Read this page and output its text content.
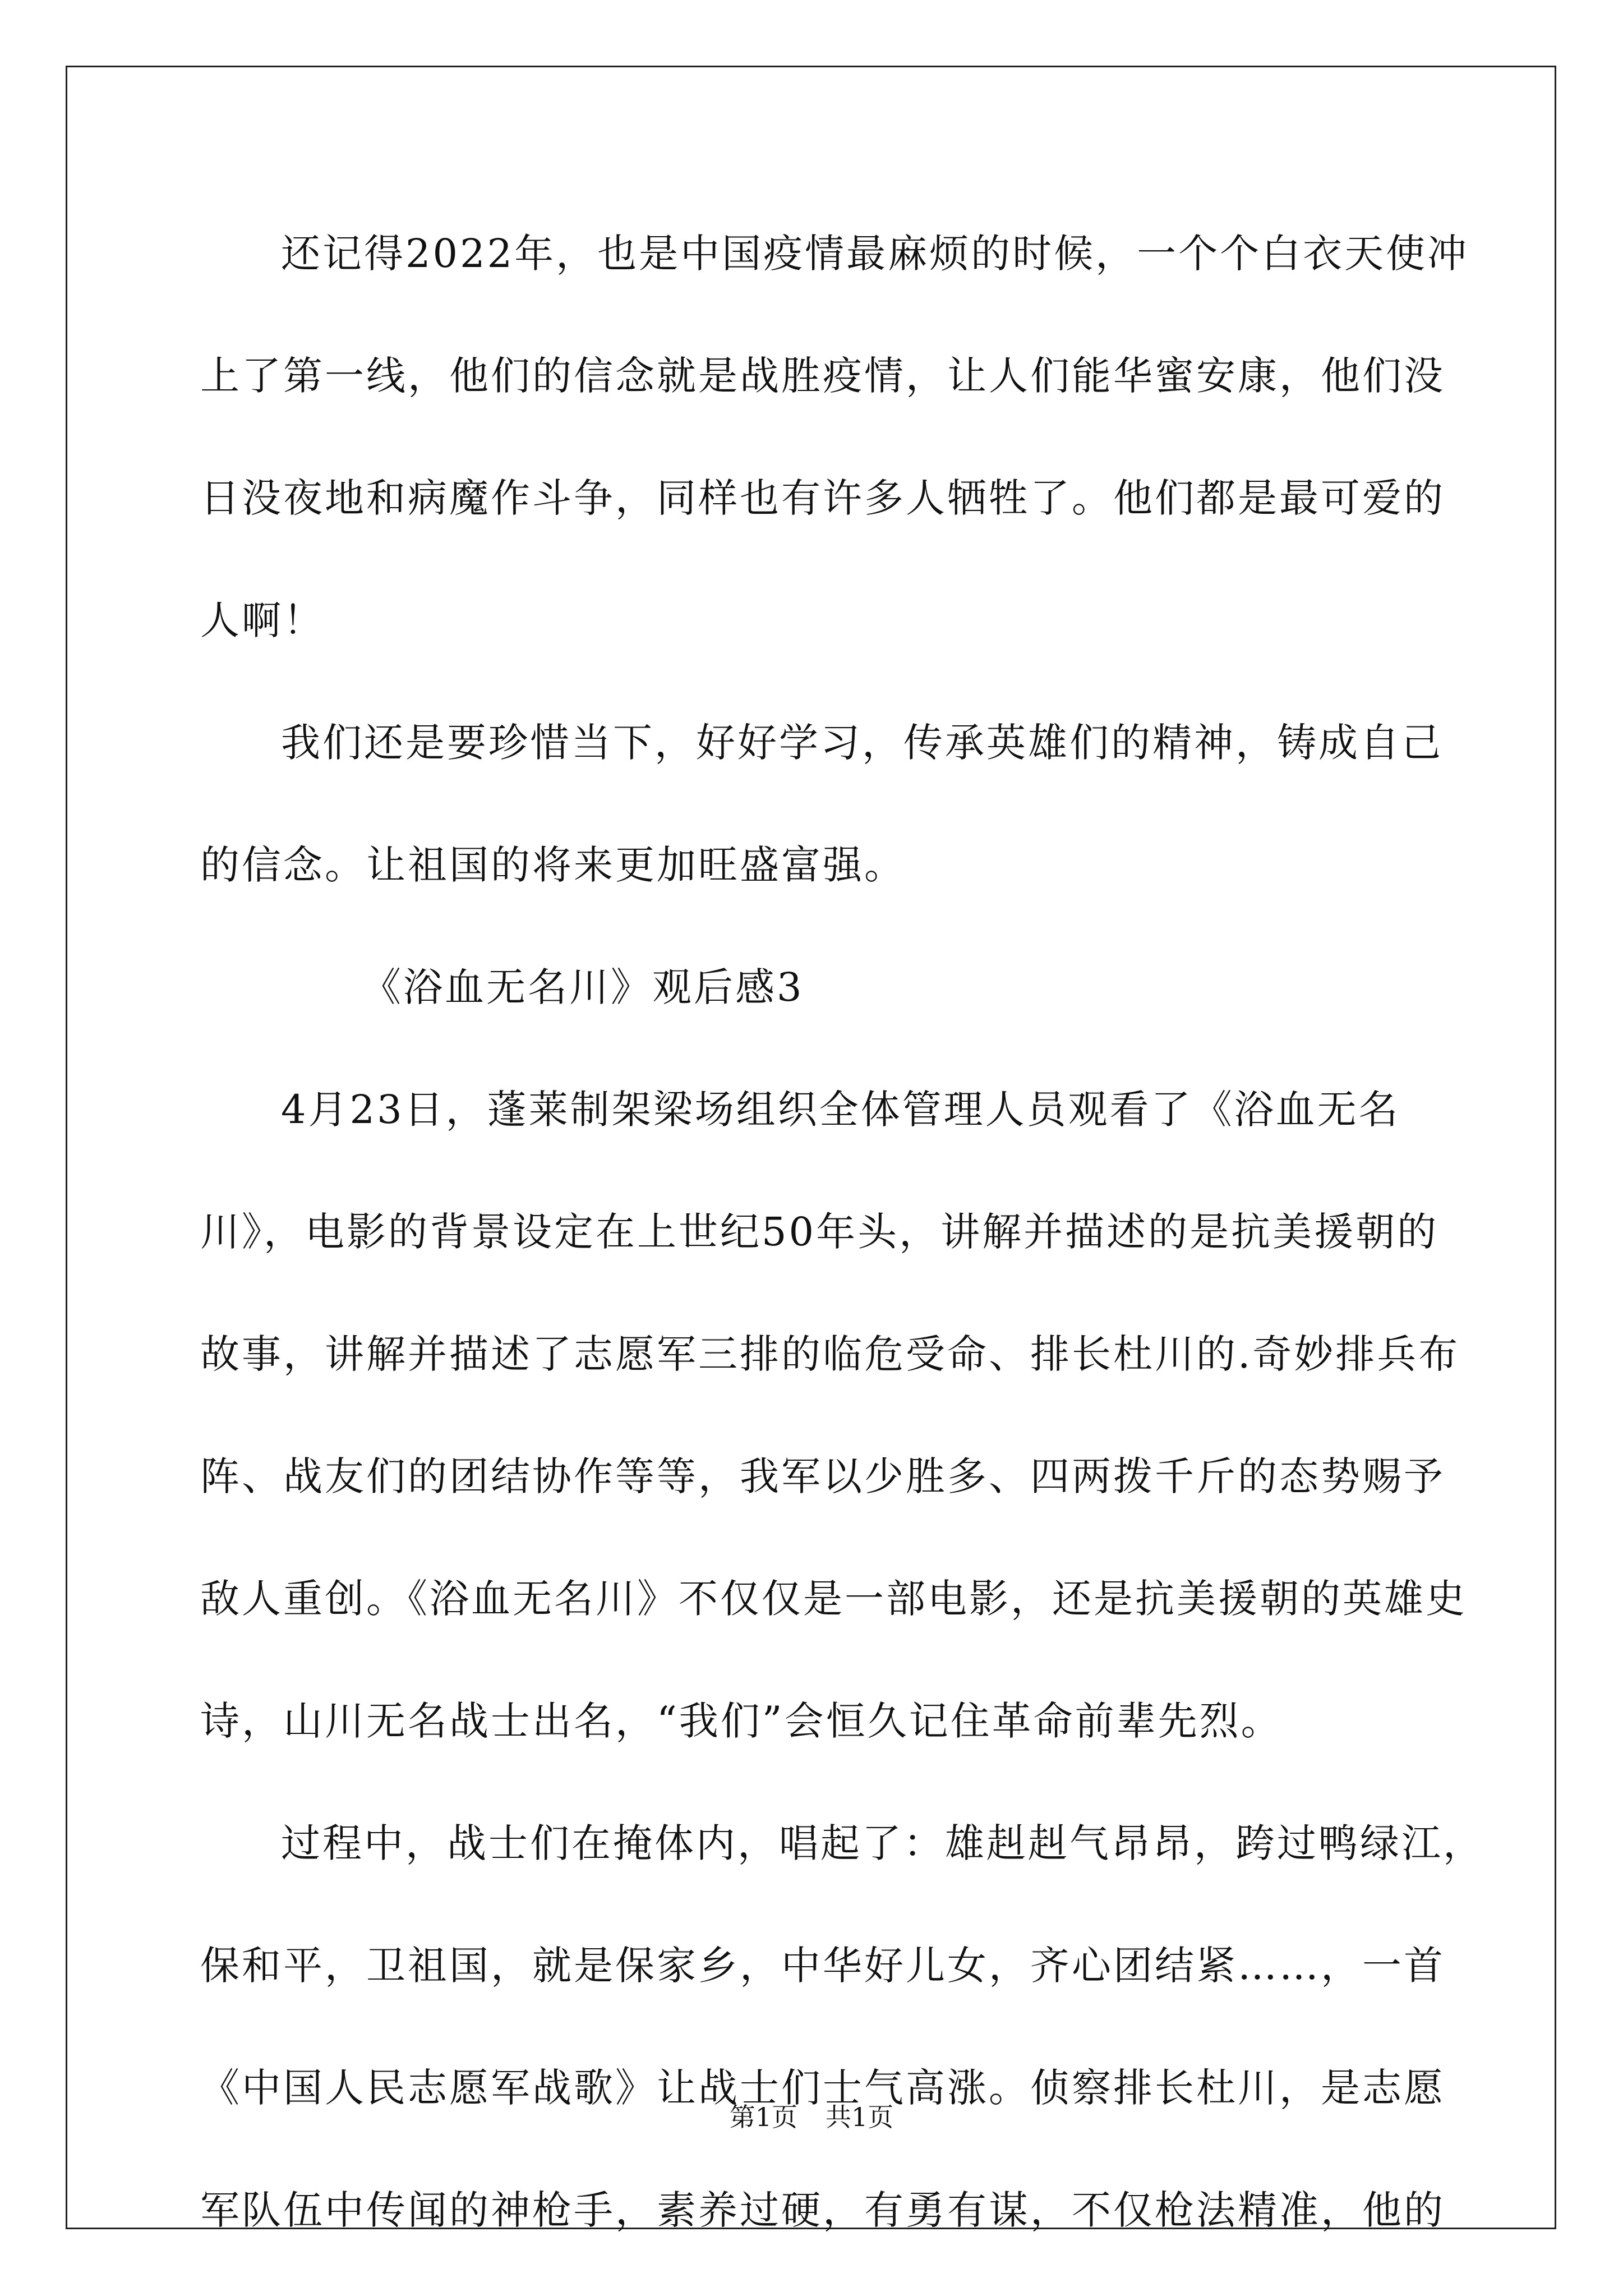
还记得2022年，也是中国疫情最麻烦的时候，一个个白衣天使冲
上了第一线，他们的信念就是战胜疫情，让人们能华蜜安康，他们没
日没夜地和病魔作斗争，同样也有许多人牺牲了。他们都是最可爱的
人啊！
我们还是要珍惜当下，好好学习，传承英雄们的精神，铸成自己
的信念。让祖国的将来更加旺盛富强。
《浴血无名川》观后感3
4月23日，蓬莱制架梁场组织全体管理人员观看了《浴血无名
川》，电影的背景设定在上世纪50年头，讲解并描述的是抗美援朝的
故事，讲解并描述了志愿军三排的临危受命、排长杜川的.奇妙排兵布
阵、战友们的团结协作等等，我军以少胜多、四两拨千斤的态势赐予
敌人重创。《浴血无名川》不仅仅是一部电影，还是抗美援朝的英雄史
诗，山川无名战士出名，“我们”会恒久记住革命前辈先烈。
过程中，战士们在掩体内，唱起了：雄赳赳气昂昂，跨过鸭绿江，
保和平，卫祖国，就是保家乡，中华好儿女，齐心团结紧……，一首
《中国人民志愿军战歌》让战士们士气高涨。侦察排长杜川，是志愿
军队伍中传闻的神枪手，素养过硬，有勇有谋，不仅枪法精准，他的
第1页 共1页
